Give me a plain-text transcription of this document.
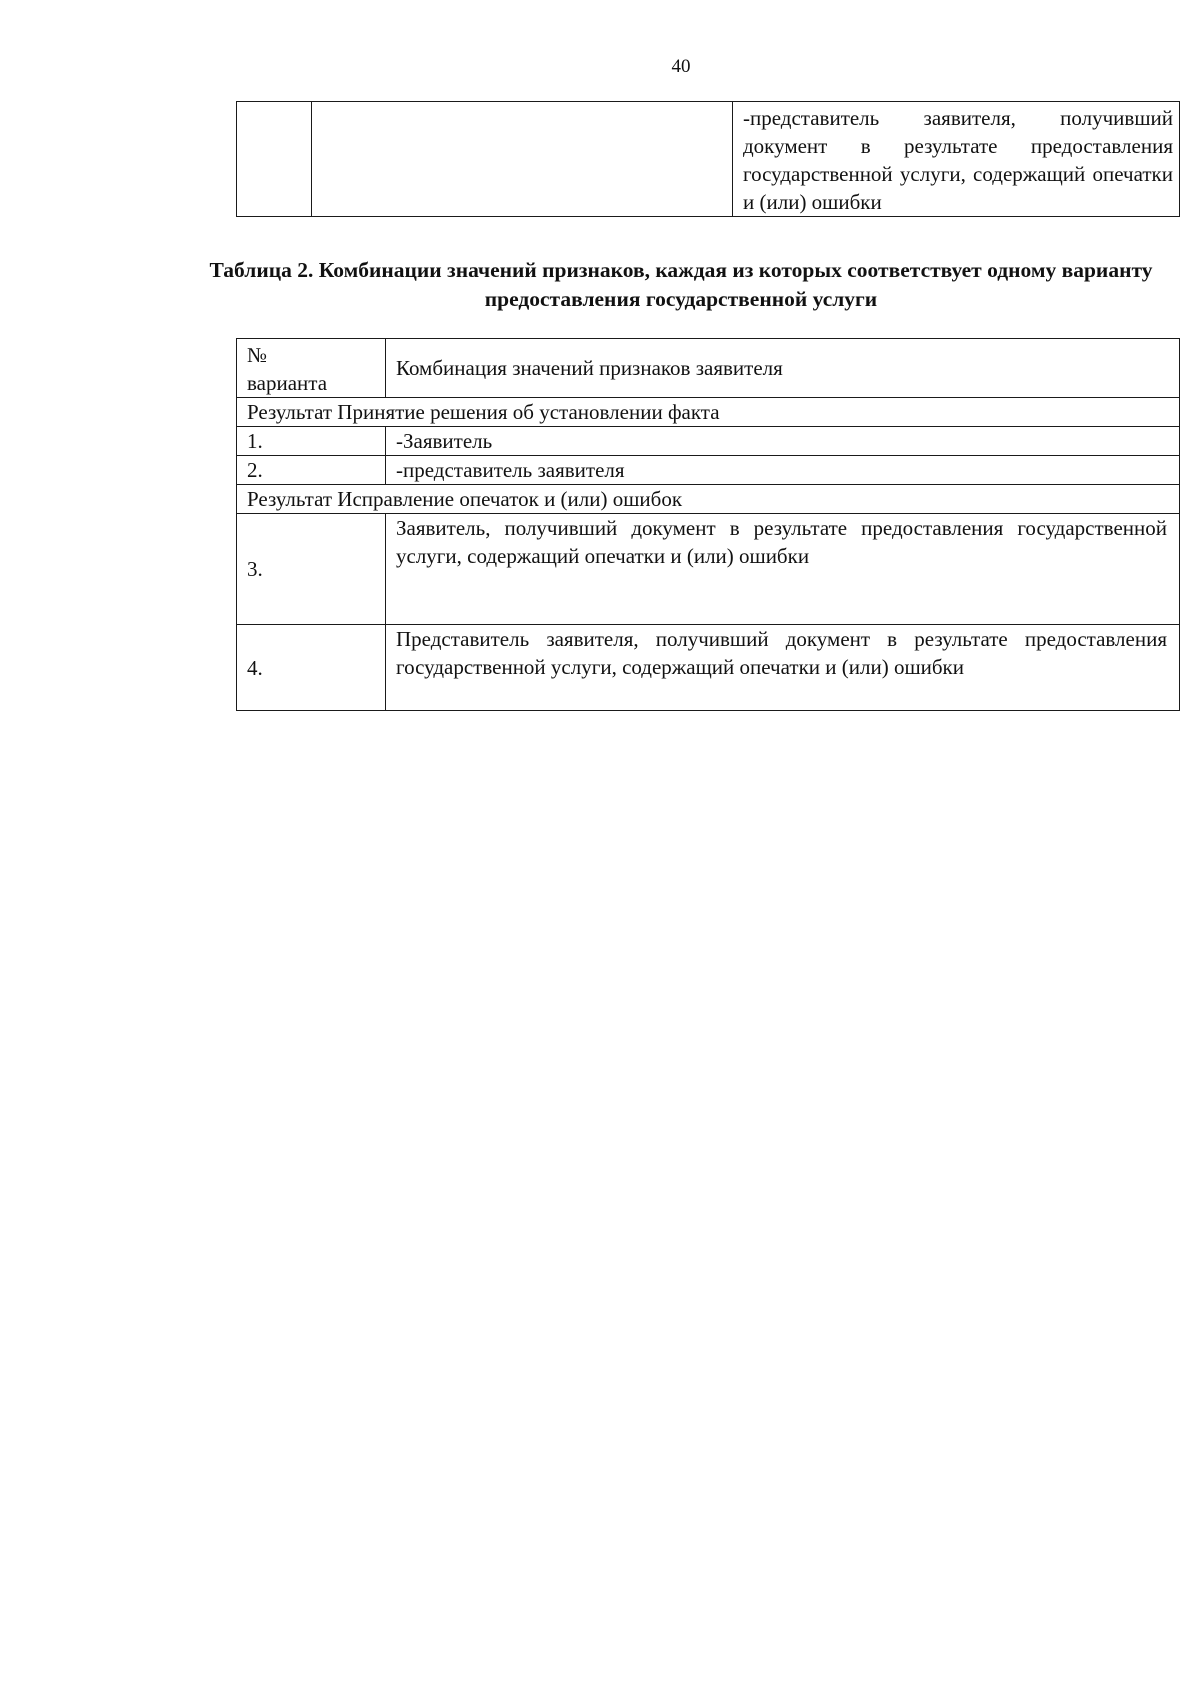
40
		-представитель заявителя, получивший документ в результате предоставления государственной услуги, содержащий опечатки и (или) ошибки
Таблица 2. Комбинации значений признаков, каждая из которых соответствует одному варианту предоставления государственной услуги
№
варианта	Комбинация значений признаков заявителя
Результат Принятие решения об установлении факта	
1.	-Заявитель
2.	-представитель заявителя
Результат Исправление опечаток и (или) ошибок	
3.	Заявитель, получивший документ в результате предоставления государственной услуги, содержащий опечатки и (или) ошибки
4.	Представитель заявителя, получивший документ в результате предоставления государственной услуги, содержащий опечатки и (или) ошибки
